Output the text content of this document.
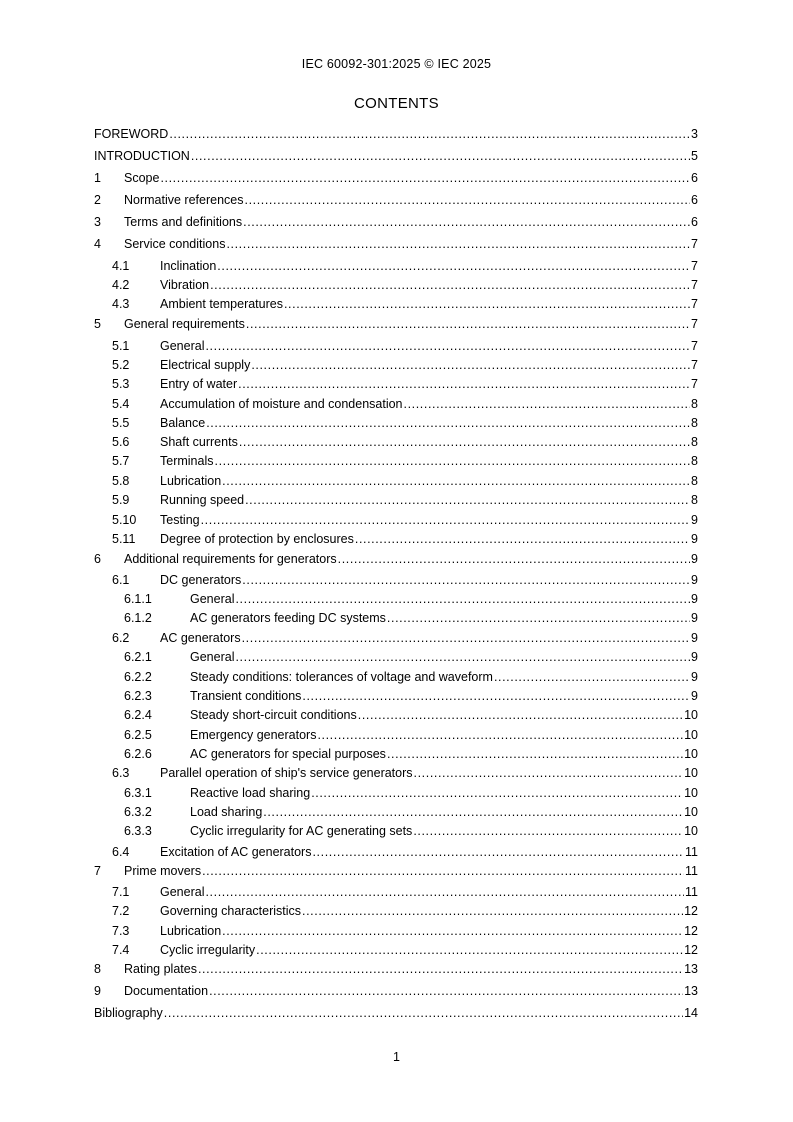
IEC 60092-301:2025 © IEC 2025
CONTENTS
FOREWORD .....	3
INTRODUCTION .....	5
1	Scope .....	6
2	Normative references .....	6
3	Terms and definitions .....	6
4	Service conditions .....	7
4.1	Inclination .....	7
4.2	Vibration .....	7
4.3	Ambient temperatures .....	7
5	General requirements .....	7
5.1	General .....	7
5.2	Electrical supply .....	7
5.3	Entry of water .....	7
5.4	Accumulation of moisture and condensation .....	8
5.5	Balance .....	8
5.6	Shaft currents .....	8
5.7	Terminals .....	8
5.8	Lubrication .....	8
5.9	Running speed .....	8
5.10	Testing .....	9
5.11	Degree of protection by enclosures .....	9
6	Additional requirements for generators .....	9
6.1	DC generators .....	9
6.1.1	General .....	9
6.1.2	AC generators feeding DC systems .....	9
6.2	AC generators .....	9
6.2.1	General .....	9
6.2.2	Steady conditions: tolerances of voltage and waveform .....	9
6.2.3	Transient conditions .....	9
6.2.4	Steady short-circuit conditions .....	10
6.2.5	Emergency generators .....	10
6.2.6	AC generators for special purposes .....	10
6.3	Parallel operation of ship's service generators .....	10
6.3.1	Reactive load sharing .....	10
6.3.2	Load sharing .....	10
6.3.3	Cyclic irregularity for AC generating sets .....	10
6.4	Excitation of AC generators .....	11
7	Prime movers .....	11
7.1	General .....	11
7.2	Governing characteristics .....	12
7.3	Lubrication .....	12
7.4	Cyclic irregularity .....	12
8	Rating plates .....	13
9	Documentation .....	13
Bibliography .....	14
1
